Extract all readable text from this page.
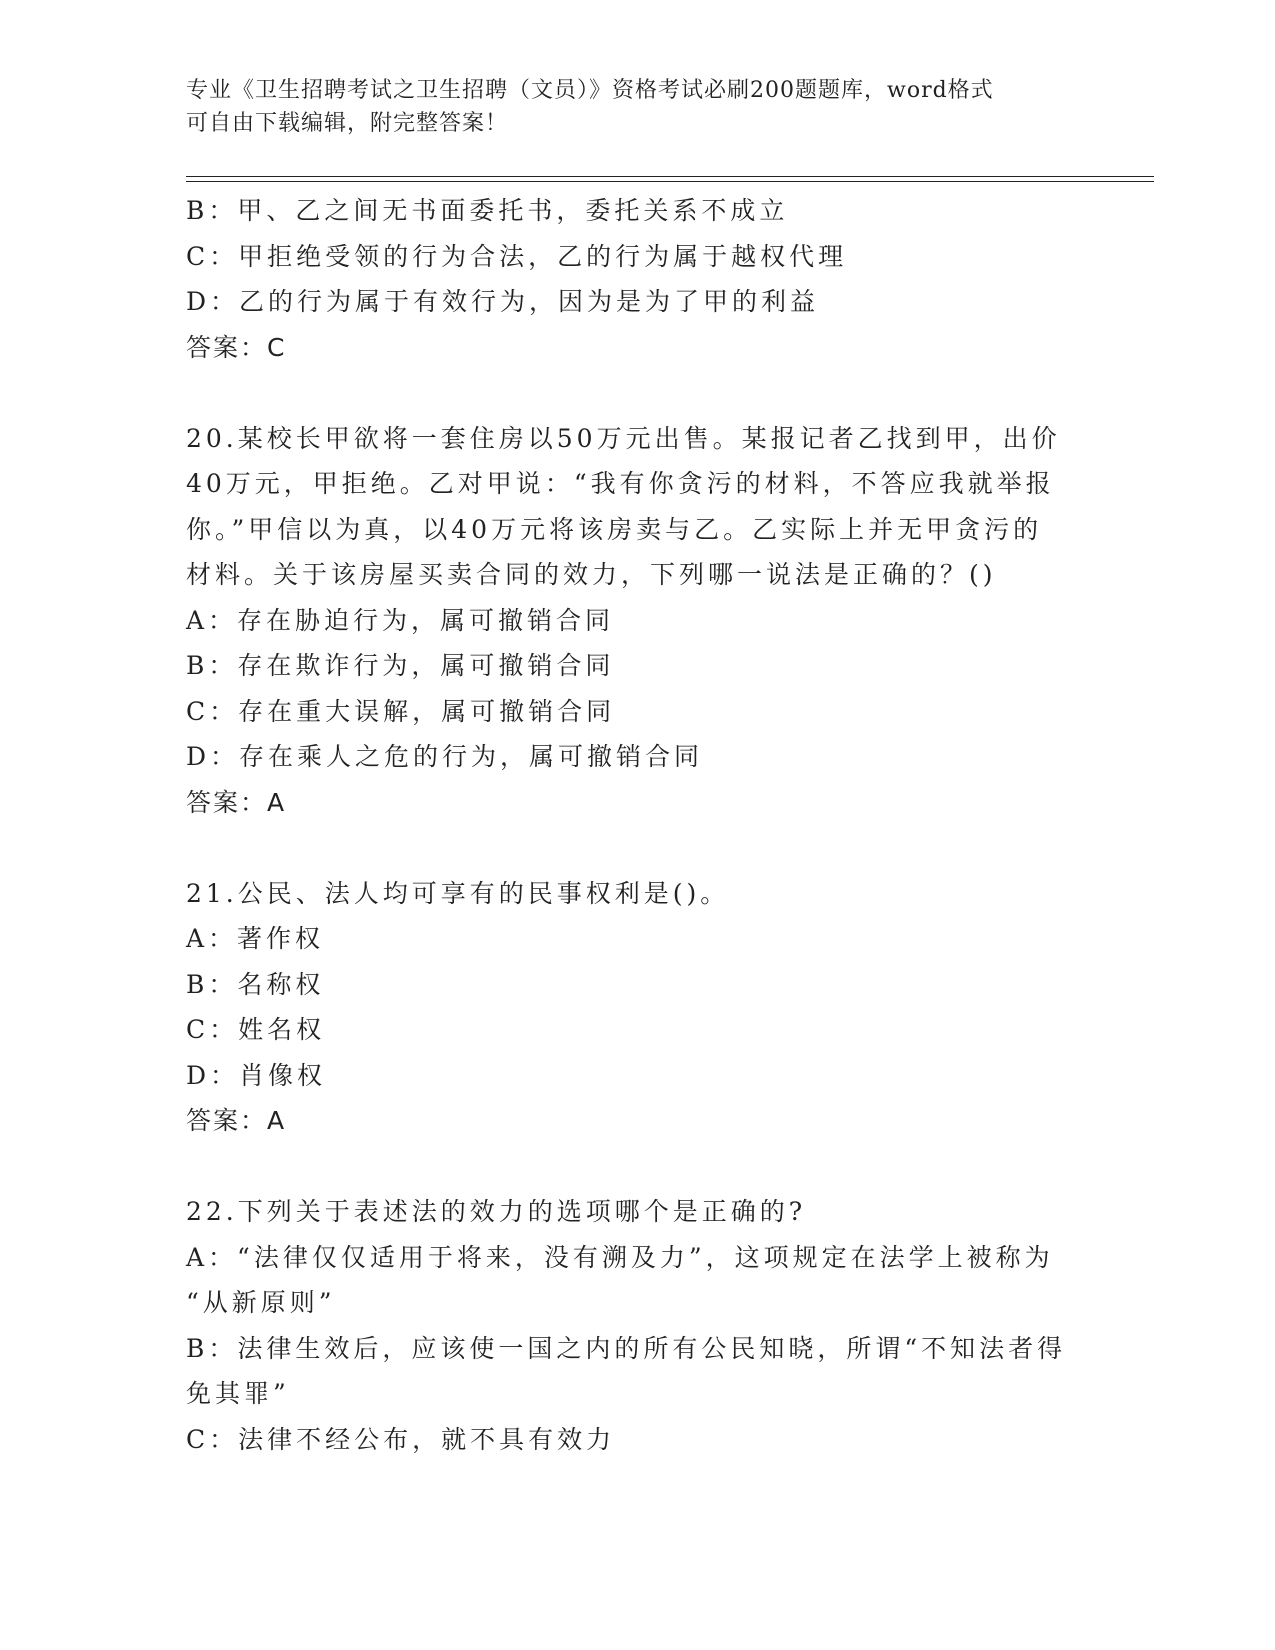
专业《卫生招聘考试之卫生招聘（文员）》资格考试必刷200题题库，word格式
可自由下载编辑，附完整答案！
B：甲、乙之间无书面委托书，委托关系不成立
C：甲拒绝受领的行为合法，乙的行为属于越权代理
D：乙的行为属于有效行为，因为是为了甲的利益
答案：C
20.某校长甲欲将一套住房以50万元出售。某报记者乙找到甲，出价
40万元，甲拒绝。乙对甲说：“我有你贪污的材料，不答应我就举报
你。”甲信以为真，以40万元将该房卖与乙。乙实际上并无甲贪污的
材料。关于该房屋买卖合同的效力，下列哪一说法是正确的？()
A：存在胁迫行为，属可撤销合同
B：存在欺诈行为，属可撤销合同
C：存在重大误解，属可撤销合同
D：存在乘人之危的行为，属可撤销合同
答案：A
21.公民、法人均可享有的民事权利是()。
A：著作权
B：名称权
C：姓名权
D：肖像权
答案：A
22.下列关于表述法的效力的选项哪个是正确的?
A：“法律仅仅适用于将来，没有溯及力”，这项规定在法学上被称为
“从新原则”
B：法律生效后，应该使一国之内的所有公民知晓，所谓“不知法者得
免其罪”
C：法律不经公布，就不具有效力
